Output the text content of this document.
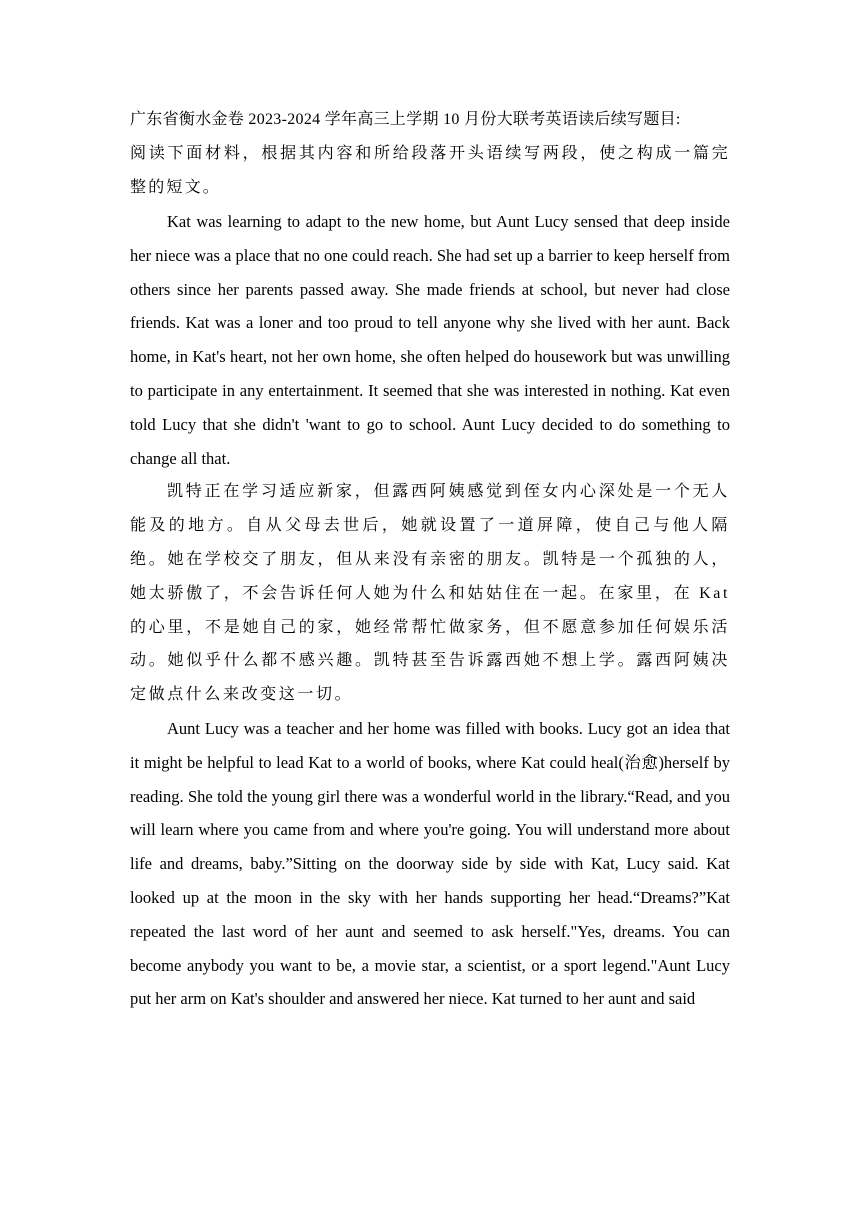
广东省衡水金卷 2023-2024 学年高三上学期 10 月份大联考英语读后续写题目:

阅读下面材料，根据其内容和所给段落开头语续写两段，使之构成一篇完整的短文。

Kat was learning to adapt to the new home, but Aunt Lucy sensed that deep inside her niece was a place that no one could reach. She had set up a barrier to keep herself from others since her parents passed away. She made friends at school, but never had close friends. Kat was a loner and too proud to tell anyone why she lived with her aunt. Back home, in Kat's heart, not her own home, she often helped do housework but was unwilling to participate in any entertainment. It seemed that she was interested in nothing. Kat even told Lucy that she didn't 'want to go to school. Aunt Lucy decided to do something to change all that.

凯特正在学习适应新家，但露西阿姨感觉到侄女内心深处是一个无人能及的地方。自从父母去世后，她就设置了一道屏障，使自己与他人隔绝。她在学校交了朋友，但从来没有亲密的朋友。凯特是一个孤独的人，她太骄傲了，不会告诉任何人她为什么和姑姑住在一起。在家里，在 Kat 的心里，不是她自己的家，她经常帮忙做家务，但不愿意参加任何娱乐活动。她似乎什么都不感兴趣。凯特甚至告诉露西她不想上学。露西阿姨决定做点什么来改变这一切。

Aunt Lucy was a teacher and her home was filled with books. Lucy got an idea that it might be helpful to lead Kat to a world of books, where Kat could heal(治愈)herself by reading. She told the young girl there was a wonderful world in the library.“Read, and you will learn where you came from and where you're going. You will understand more about life and dreams, baby.”Sitting on the doorway side by side with Kat, Lucy said. Kat looked up at the moon in the sky with her hands supporting her head.“Dreams?”Kat repeated the last word of her aunt and seemed to ask herself."Yes, dreams. You can become anybody you want to be, a movie star, a scientist, or a sport legend."Aunt Lucy put her arm on Kat's shoulder and answered her niece. Kat turned to her aunt and said
